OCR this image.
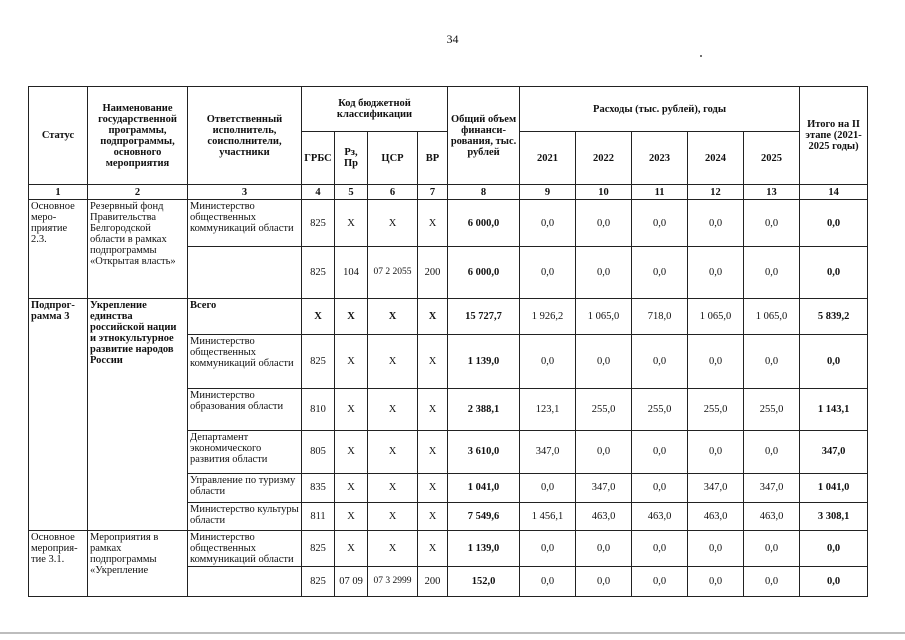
34
Статус	Наименование государственной программы, подпрограммы, основного мероприятия	Ответственный исполнитель, соисполнители, участники	Код бюджетной классификации				Общий объем финанси-рования, тыс. рублей	Расходы (тыс. рублей), годы					Итого на II этапе (2021-2025 годы)
			ГРБС	Рз, Пр	ЦСР	ВР		2021	2022	2023	2024	2025	
1	2	3	4	5	6	7	8	9	10	11	12	13	14
Основное меро-приятие 2.3.	Резервный фонд Правительства Белгородской области в рамках подпрограммы «Открытая власть»	Министерство общественных коммуникаций области	825	Х	Х	Х	6 000,0	0,0	0,0	0,0	0,0	0,0	0,0
			825	104	07 2 2055	200	6 000,0	0,0	0,0	0,0	0,0	0,0	0,0
Подпрог-рамма 3	Укрепление единства российской нации и этнокультурное развитие народов России	Всего	Х	Х	Х	Х	15 727,7	1 926,2	1 065,0	718,0	1 065,0	1 065,0	5 839,2
		Министерство общественных коммуникаций области	825	Х	Х	Х	1 139,0	0,0	0,0	0,0	0,0	0,0	0,0
		Министерство образования области	810	Х	Х	Х	2 388,1	123,1	255,0	255,0	255,0	255,0	1 143,1
		Департамент экономического развития области	805	Х	Х	Х	3 610,0	347,0	0,0	0,0	0,0	0,0	347,0
		Управление по туризму области	835	Х	Х	Х	1 041,0	0,0	347,0	0,0	347,0	347,0	1 041,0
		Министерство культуры области	811	Х	Х	Х	7 549,6	1 456,1	463,0	463,0	463,0	463,0	3 308,1
Основное мероприя-тие 3.1.	Мероприятия в рамках подпрограммы «Укрепление	Министерство общественных коммуникаций области	825	Х	Х	Х	1 139,0	0,0	0,0	0,0	0,0	0,0	0,0
			825	07 09	07 3 2999	200	152,0	0,0	0,0	0,0	0,0	0,0	0,0
